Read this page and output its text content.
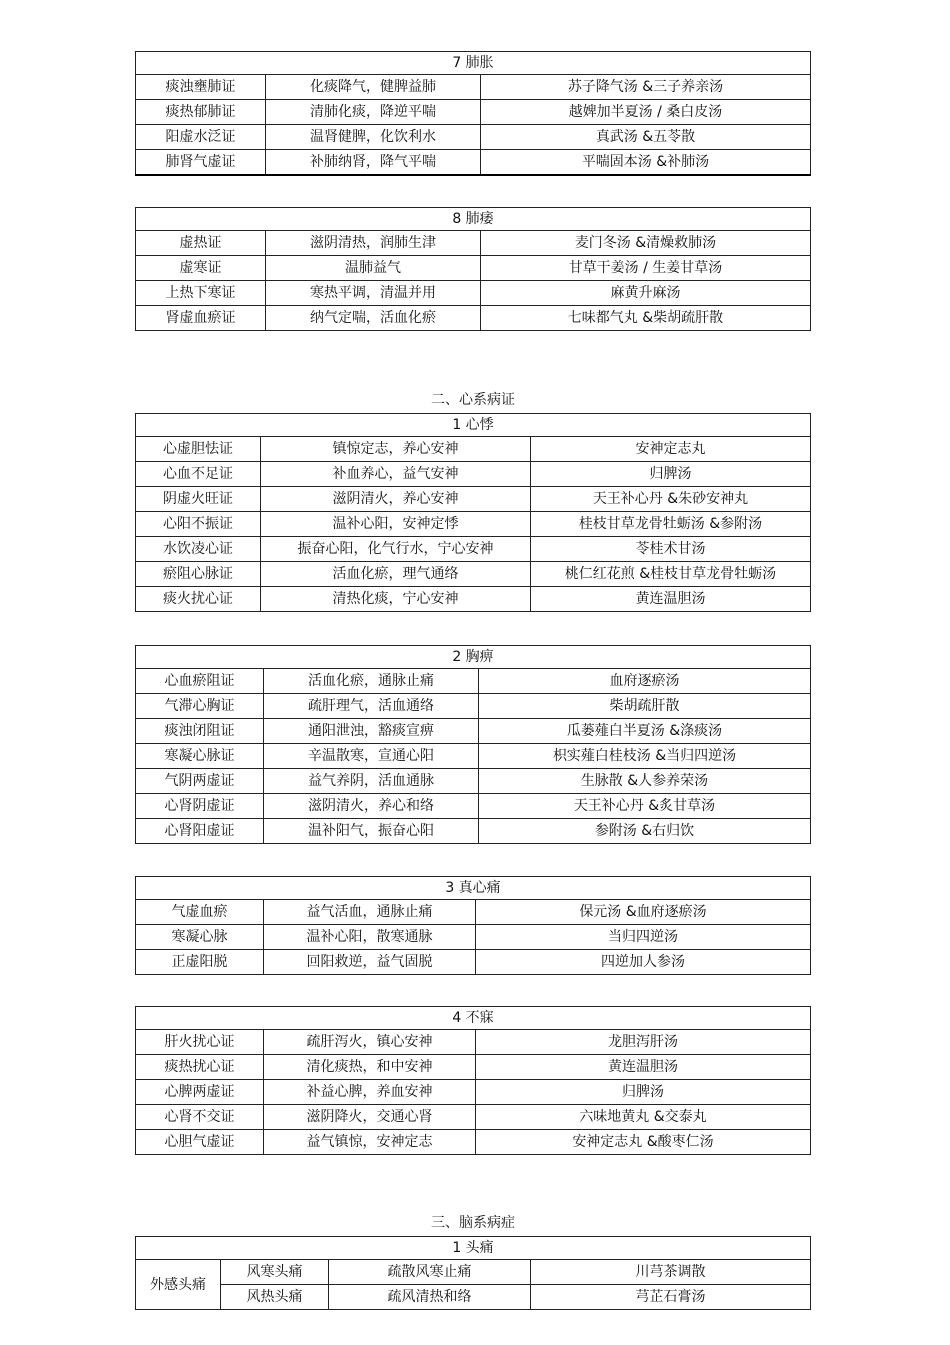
7 肺胀		
痰浊壅肺证	化痰降气，健脾益肺	苏子降气汤 &三子养亲汤
痰热郁肺证	清肺化痰，降逆平喘	越婢加半夏汤 / 桑白皮汤
阳虚水泛证	温肾健脾，化饮利水	真武汤 &五苓散
肺肾气虚证	补肺纳肾，降气平喘	平喘固本汤 &补肺汤
8 肺痿		
虚热证	滋阴清热，润肺生津	麦门冬汤 &清燥救肺汤
虚寒证	温肺益气	甘草干姜汤 / 生姜甘草汤
上热下寒证	寒热平调，清温并用	麻黄升麻汤
肾虚血瘀证	纳气定喘，活血化瘀	七味都气丸 &柴胡疏肝散
二、心系病证
1 心悸		
心虚胆怯证	镇惊定志，养心安神	安神定志丸
心血不足证	补血养心，益气安神	归脾汤
阴虚火旺证	滋阴清火，养心安神	天王补心丹 &朱砂安神丸
心阳不振证	温补心阳，安神定悸	桂枝甘草龙骨牡蛎汤 &参附汤
水饮凌心证	振奋心阳，化气行水，宁心安神	苓桂术甘汤
瘀阻心脉证	活血化瘀，理气通络	桃仁红花煎 &桂枝甘草龙骨牡蛎汤
痰火扰心证	清热化痰，宁心安神	黄连温胆汤
2 胸痹		
心血瘀阻证	活血化瘀，通脉止痛	血府逐瘀汤
气滞心胸证	疏肝理气，活血通络	柴胡疏肝散
痰浊闭阻证	通阳泄浊，豁痰宣痹	瓜蒌薤白半夏汤 &涤痰汤
寒凝心脉证	辛温散寒，宣通心阳	枳实薤白桂枝汤 &当归四逆汤
气阴两虚证	益气养阴，活血通脉	生脉散 &人参养荣汤
心肾阴虚证	滋阴清火，养心和络	天王补心丹 &炙甘草汤
心肾阳虚证	温补阳气，振奋心阳	参附汤 &右归饮
3 真心痛		
气虚血瘀	益气活血，通脉止痛	保元汤 &血府逐瘀汤
寒凝心脉	温补心阳，散寒通脉	当归四逆汤
正虚阳脱	回阳救逆，益气固脱	四逆加人参汤
4 不寐		
肝火扰心证	疏肝泻火，镇心安神	龙胆泻肝汤
痰热扰心证	清化痰热，和中安神	黄连温胆汤
心脾两虚证	补益心脾，养血安神	归脾汤
心肾不交证	滋阴降火，交通心肾	六味地黄丸 &交泰丸
心胆气虚证	益气镇惊，安神定志	安神定志丸 &酸枣仁汤
三、脑系病症
1 头痛			
外感头痛	风寒头痛	疏散风寒止痛	川芎茶调散
	风热头痛	疏风清热和络	芎芷石膏汤
